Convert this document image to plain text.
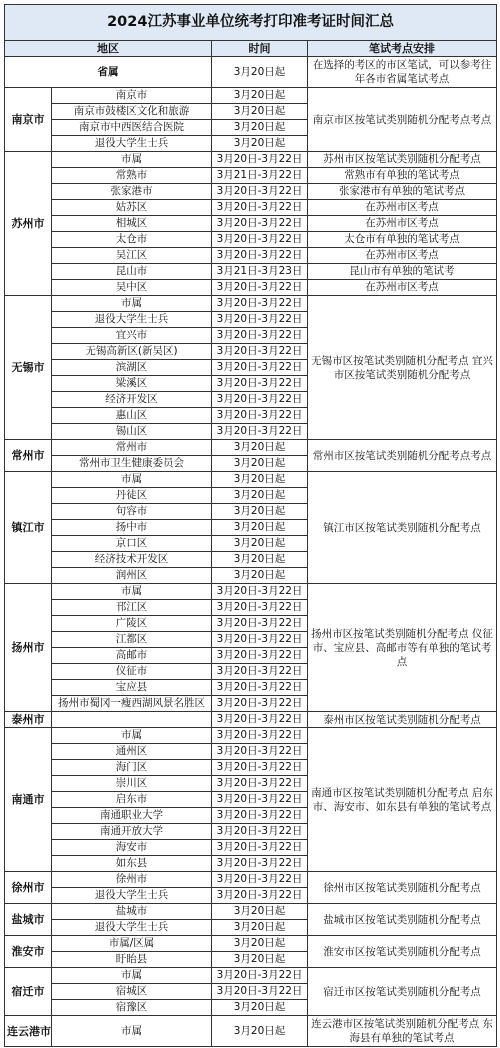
2024江苏事业单位统考打印准考证时间汇总			
地区		时间	笔试考点安排
省属		3月20日起	在选择的考区的市区笔试，可以参考往年各市省属笔试考点
南京市	南京市	3月20日起	南京市区按笔试类别随机分配考点考点
	南京市鼓楼区文化和旅游	3月20日起	
	南京市中西医结合医院	3月20日起	
	退役大学生士兵	3月20日起	
苏州市	市属	3月20日-3月22日	苏州市区按笔试类别随机分配考点
	常熟市	3月21日-3月22日	常熟市有单独的笔试考点
	张家港市	3月20日-3月22日	张家港市有单独的笔试考点
	姑苏区	3月20日-3月22日	在苏州市区考点
	相城区	3月20日-3月22日	在苏州市区考点
	太仓市	3月20日-3月22日	太仓市有单独的笔试考点
	吴江区	3月20日-3月22日	在苏州市区考点
	昆山市	3月21日-3月23日	昆山市有单独的笔试考
	吴中区	3月20日-3月22日	在苏州市区考点
无锡市	市属	3月20日-3月22日	无锡市区按笔试类别随机分配考点 宜兴市区按笔试类别随机分配考点
	退役大学生士兵	3月20日-3月22日	
	宜兴市	3月20日-3月22日	
	无锡高新区(新吴区)	3月20日-3月22日	
	滨湖区	3月20日-3月22日	
	梁溪区	3月20日-3月22日	
	经济开发区	3月20日-3月22日	
	惠山区	3月20日-3月22日	
	锡山区	3月20日-3月22日	
常州市	常州市	3月20日起	常州市区按笔试类别随机分配考点考点
	常州市卫生健康委员会	3月20日起	
镇江市	市属	3月20日起	镇江市区按笔试类别随机分配考点
	丹徒区	3月20日起	
	句容市	3月20日起	
	扬中市	3月20日起	
	京口区	3月20日起	
	经济技术开发区	3月20日起	
	润州区	3月20日起	
扬州市	市属	3月20日-3月22日	扬州市区按笔试类别随机分配考点 仪征市、宝应县、高邮市等有单独的笔试考点
	邗江区	3月20日-3月22日	
	广陵区	3月20日-3月22日	
	江都区	3月20日-3月22日	
	高邮市	3月20日-3月22日	
	仪征市	3月20日-3月22日	
	宝应县	3月20日-3月22日	
	扬州市蜀冈一瘦西湖风景名胜区	3月20日-3月22日	
泰州市		3月20日-3月22日	泰州市区按笔试类别随机分配考点
南通市	市属	3月20日-3月22日	南通市区按笔试类别随机分配考点 启东市、海安市、如东县有单独的笔试考点
	通州区	3月20日-3月22日	
	海门区	3月20日-3月22日	
	崇川区	3月20日-3月22日	
	启东市	3月20日-3月22日	
	南通职业大学	3月20日-3月22日	
	南通开放大学	3月20日-3月22日	
	海安市	3月20日-3月22日	
	如东县	3月20日-3月22日	
徐州市	徐州市	3月20日-3月22日	徐州市区按笔试类别随机分配考点
	退役大学生士兵	3月20日-3月22日	
盐城市	盐城市	3月20日起	盐城市区按笔试类别随机分配考点
	退役大学生士兵	3月20日起	
淮安市	市属/区属	3月20日起	淮安市区按笔试类别随机分配考点
	盱眙县	3月20日起	
宿迁市	市属	3月20日-3月22日	宿迁市区按笔试类别随机分配考点
	宿城区	3月20日-3月22日	
	宿豫区	3月20日起	
连云港市	市属	3月20日起	连云港市区按笔试类别随机分配考点 东海县有单独的笔试考点
